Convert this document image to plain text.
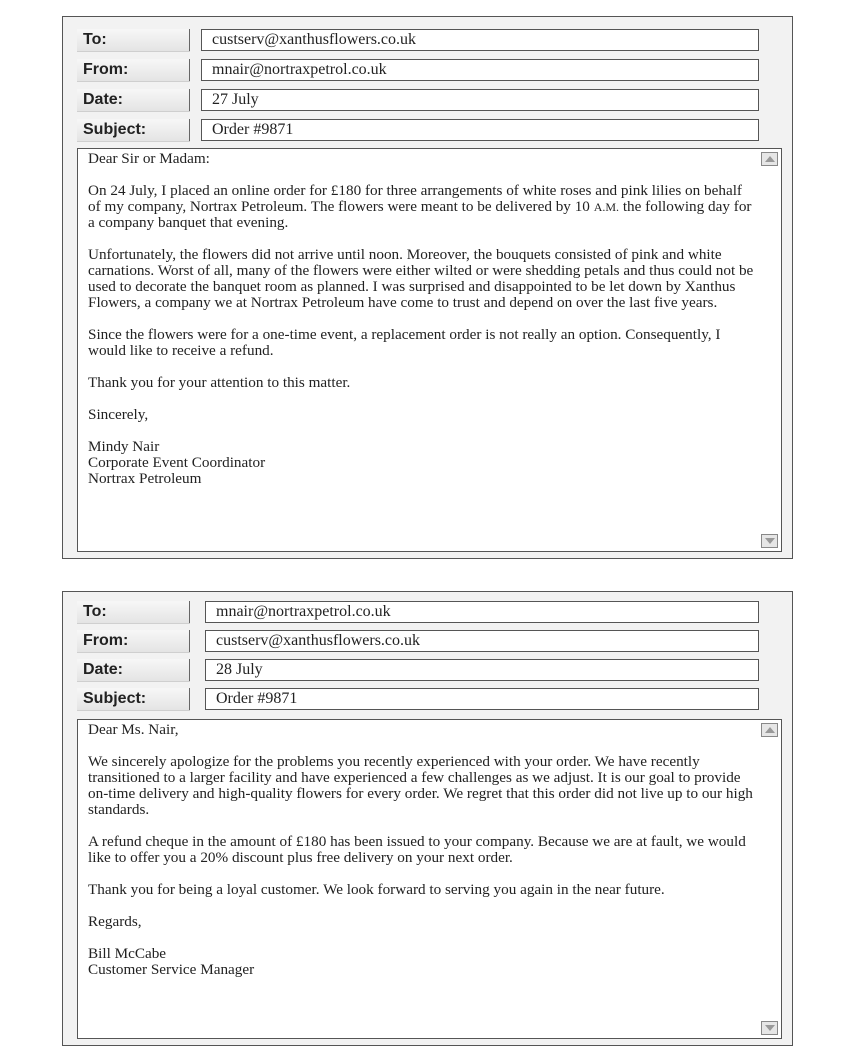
To:	custserv@xanthusflowers.co.uk
From:	mnair@nortraxpetrol.co.uk
Date:	27 July
Subject:	Order #9871

Dear Sir or Madam:

On 24 July, I placed an online order for £180 for three arrangements of white roses and pink lilies on behalf of my company, Nortrax Petroleum. The flowers were meant to be delivered by 10 A.M. the following day for a company banquet that evening.

Unfortunately, the flowers did not arrive until noon. Moreover, the bouquets consisted of pink and white carnations. Worst of all, many of the flowers were either wilted or were shedding petals and thus could not be used to decorate the banquet room as planned. I was surprised and disappointed to be let down by Xanthus Flowers, a company we at Nortrax Petroleum have come to trust and depend on over the last five years.

Since the flowers were for a one-time event, a replacement order is not really an option. Consequently, I would like to receive a refund.

Thank you for your attention to this matter.

Sincerely,

Mindy Nair

Corporate Event Coordinator

Nortrax Petroleum

To:	mnair@nortraxpetrol.co.uk
From:	custserv@xanthusflowers.co.uk
Date:	28 July
Subject:	Order #9871

Dear Ms. Nair,

We sincerely apologize for the problems you recently experienced with your order. We have recently transitioned to a larger facility and have experienced a few challenges as we adjust. It is our goal to provide on-time delivery and high-quality flowers for every order. We regret that this order did not live up to our high standards.

A refund cheque in the amount of £180 has been issued to your company. Because we are at fault, we would like to offer you a 20% discount plus free delivery on your next order.

Thank you for being a loyal customer. We look forward to serving you again in the near future.

Regards,

Bill McCabe

Customer Service Manager
